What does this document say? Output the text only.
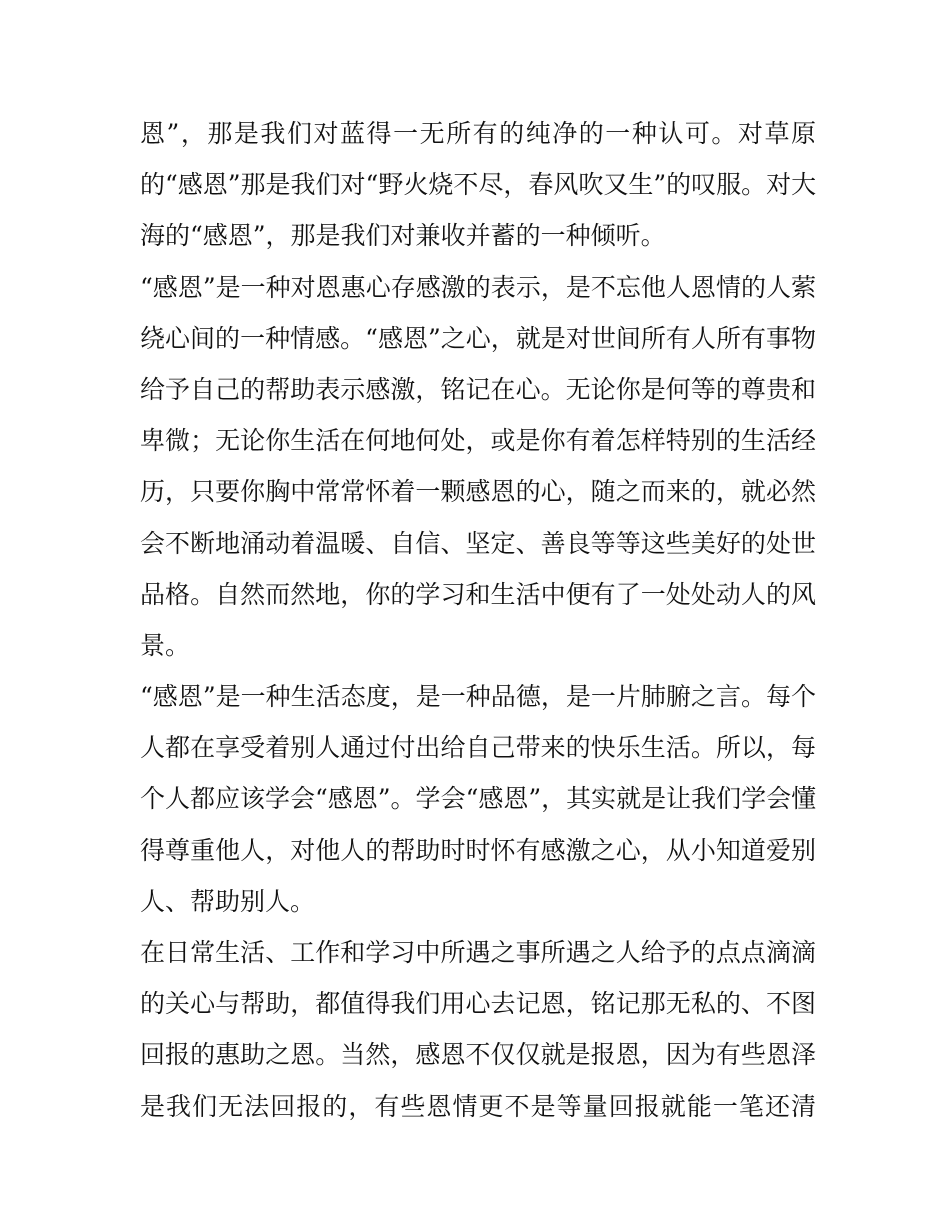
恩”，那是我们对蓝得一无所有的纯净的一种认可。对草原
的“感恩”那是我们对“野火烧不尽，春风吹又生”的叹服。对大
海的“感恩”，那是我们对兼收并蓄的一种倾听。
“感恩”是一种对恩惠心存感激的表示，是不忘他人恩情的人萦
绕心间的一种情感。“感恩”之心，就是对世间所有人所有事物
给予自己的帮助表示感激，铭记在心。无论你是何等的尊贵和
卑微；无论你生活在何地何处，或是你有着怎样特别的生活经
历，只要你胸中常常怀着一颗感恩的心，随之而来的，就必然
会不断地涌动着温暖、自信、坚定、善良等等这些美好的处世
品格。自然而然地，你的学习和生活中便有了一处处动人的风
景。
“感恩”是一种生活态度，是一种品德，是一片肺腑之言。每个
人都在享受着别人通过付出给自己带来的快乐生活。所以，每
个人都应该学会“感恩”。学会“感恩”，其实就是让我们学会懂
得尊重他人，对他人的帮助时时怀有感激之心，从小知道爱别
人、帮助别人。
在日常生活、工作和学习中所遇之事所遇之人给予的点点滴滴
的关心与帮助，都值得我们用心去记恩，铭记那无私的、不图
回报的惠助之恩。当然，感恩不仅仅就是报恩，因为有些恩泽
是我们无法回报的，有些恩情更不是等量回报就能一笔还清
